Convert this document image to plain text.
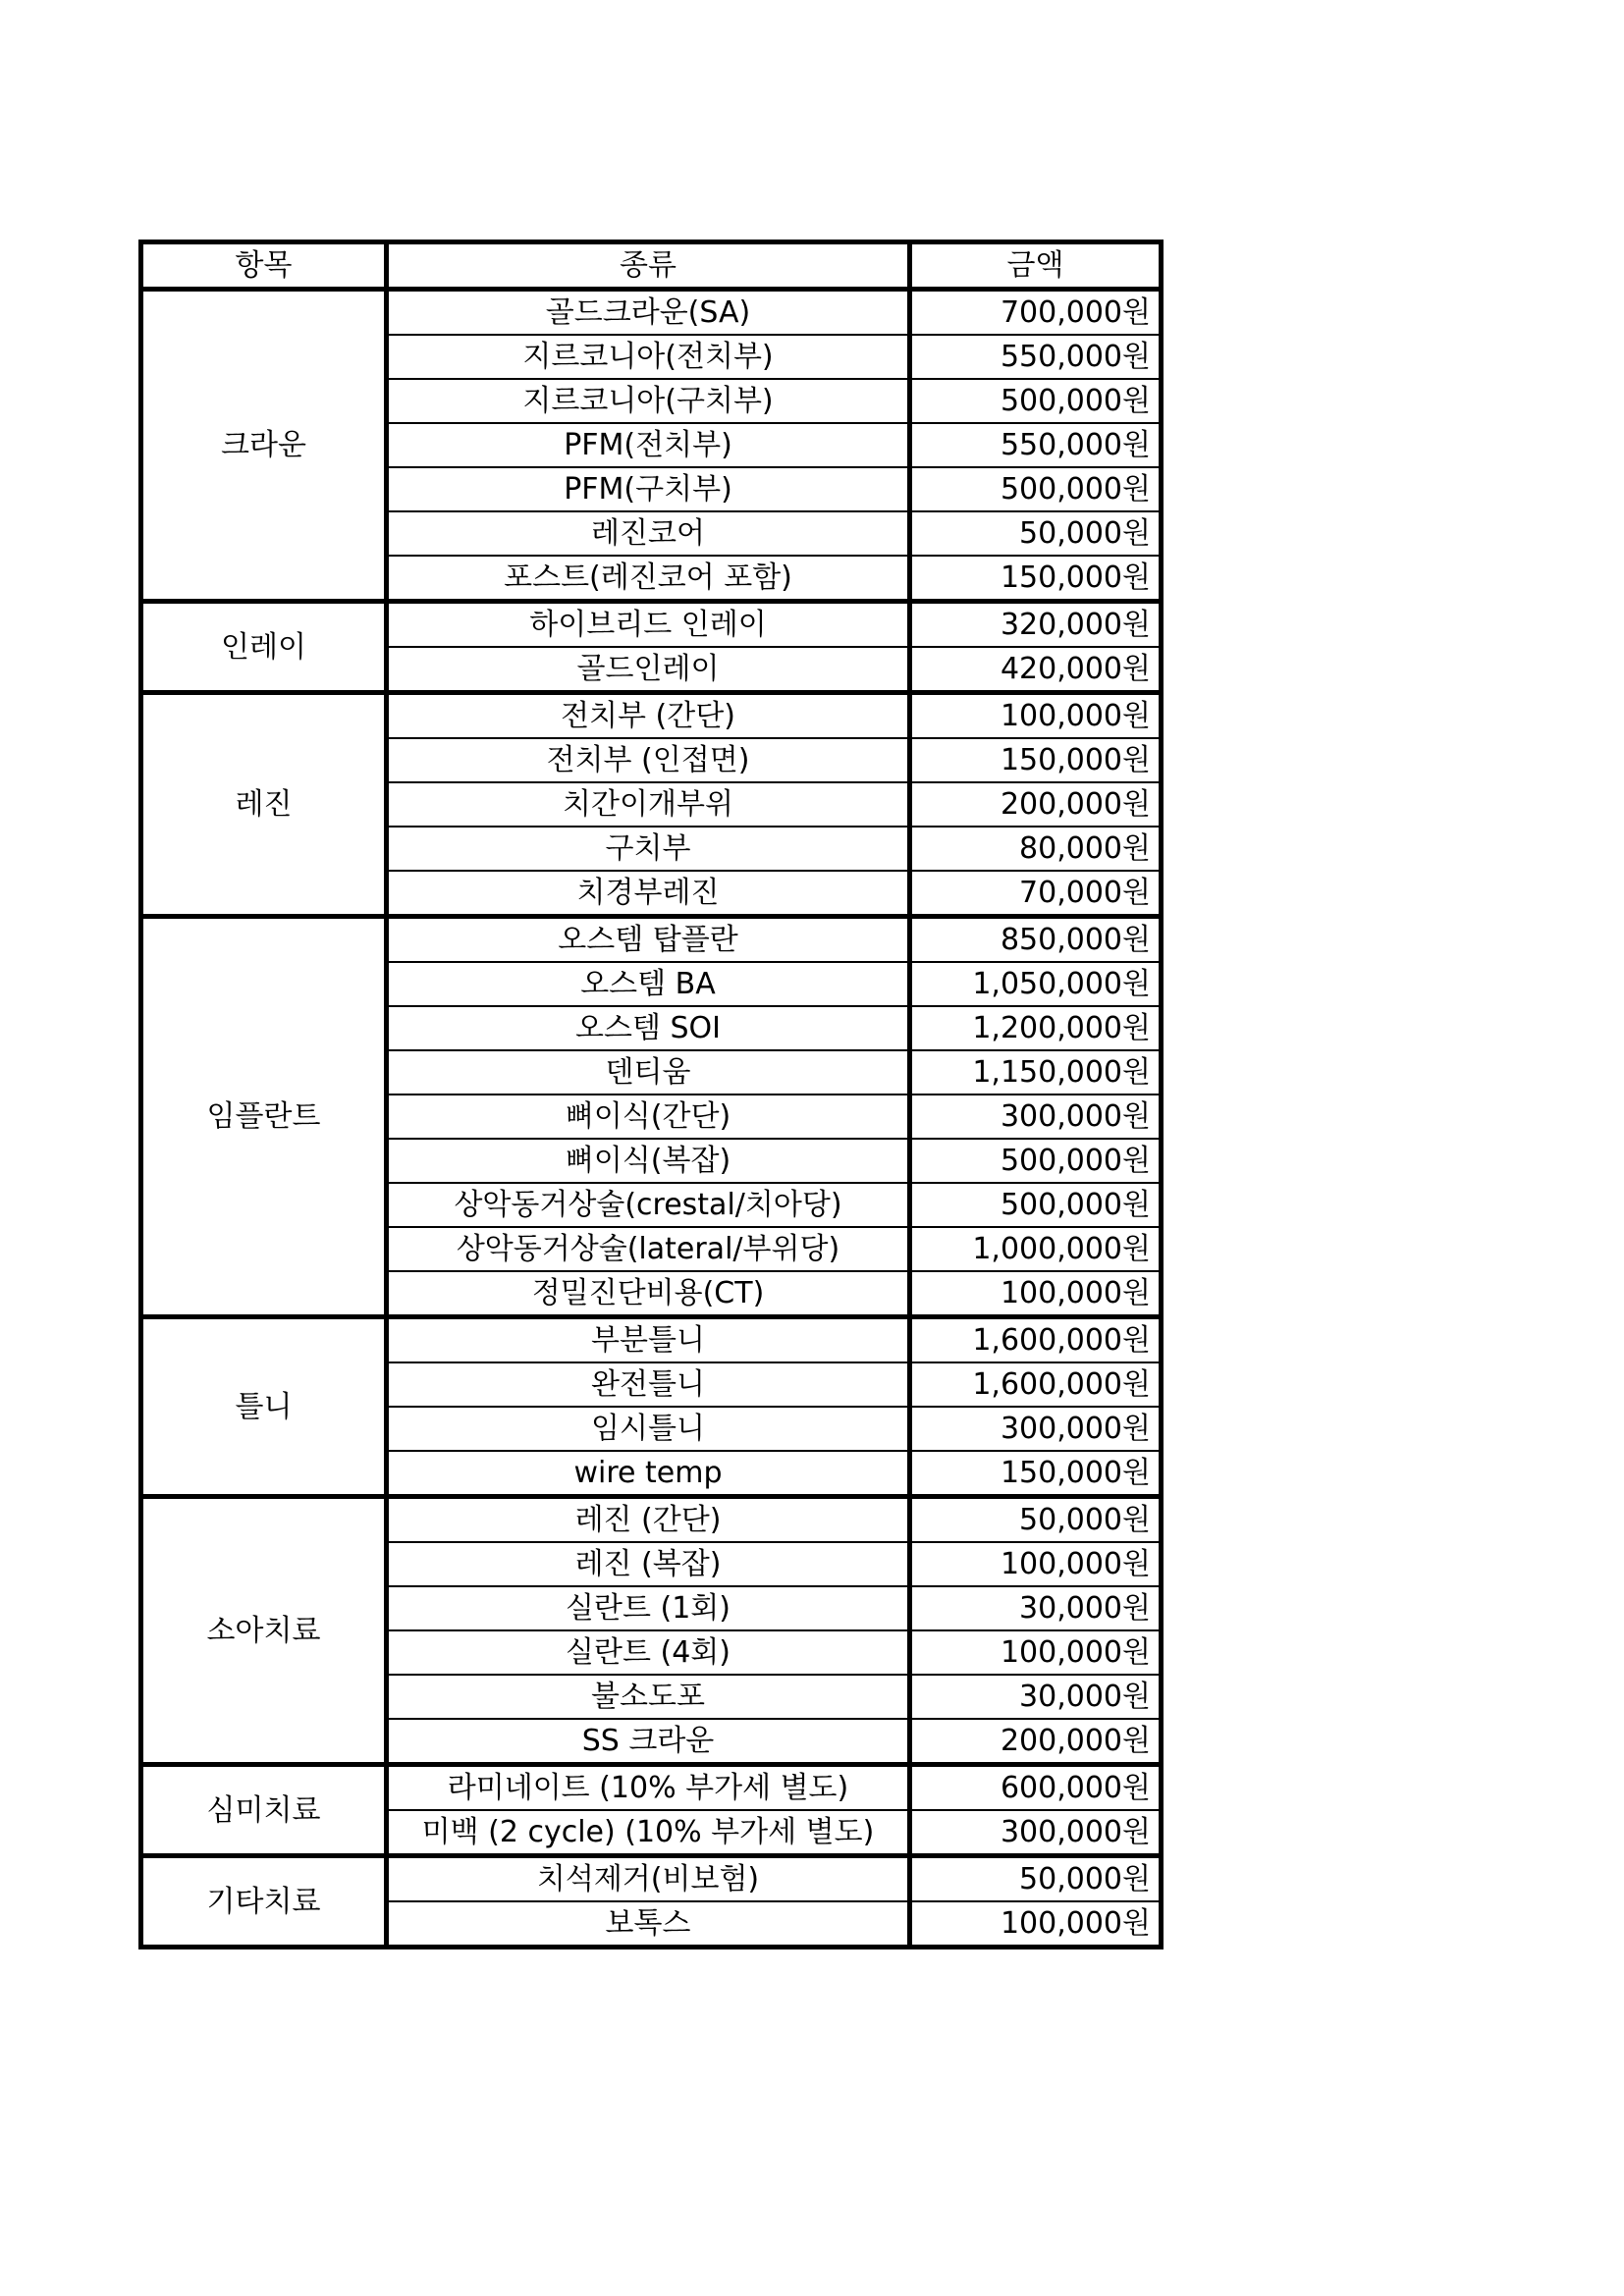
항목	종류	금액
크라운	골드크라운(SA)	700,000원
	지르코니아(전치부)	550,000원
	지르코니아(구치부)	500,000원
	PFM(전치부)	550,000원
	PFM(구치부)	500,000원
	레진코어	50,000원
	포스트(레진코어 포함)	150,000원
인레이	하이브리드 인레이	320,000원
	골드인레이	420,000원
레진	전치부 (간단)	100,000원
	전치부 (인접면)	150,000원
	치간이개부위	200,000원
	구치부	80,000원
	치경부레진	70,000원
임플란트	오스템 탑플란	850,000원
	오스템 BA	1,050,000원
	오스템 SOI	1,200,000원
	덴티움	1,150,000원
	뼈이식(간단)	300,000원
	뼈이식(복잡)	500,000원
	상악동거상술(crestal/치아당)	500,000원
	상악동거상술(lateral/부위당)	1,000,000원
	정밀진단비용(CT)	100,000원
틀니	부분틀니	1,600,000원
	완전틀니	1,600,000원
	임시틀니	300,000원
	wire temp	150,000원
소아치료	레진 (간단)	50,000원
	레진 (복잡)	100,000원
	실란트 (1회)	30,000원
	실란트 (4회)	100,000원
	불소도포	30,000원
	SS 크라운	200,000원
심미치료	라미네이트 (10% 부가세 별도)	600,000원
	미백 (2 cycle) (10% 부가세 별도)	300,000원
기타치료	치석제거(비보험)	50,000원
	보톡스	100,000원
